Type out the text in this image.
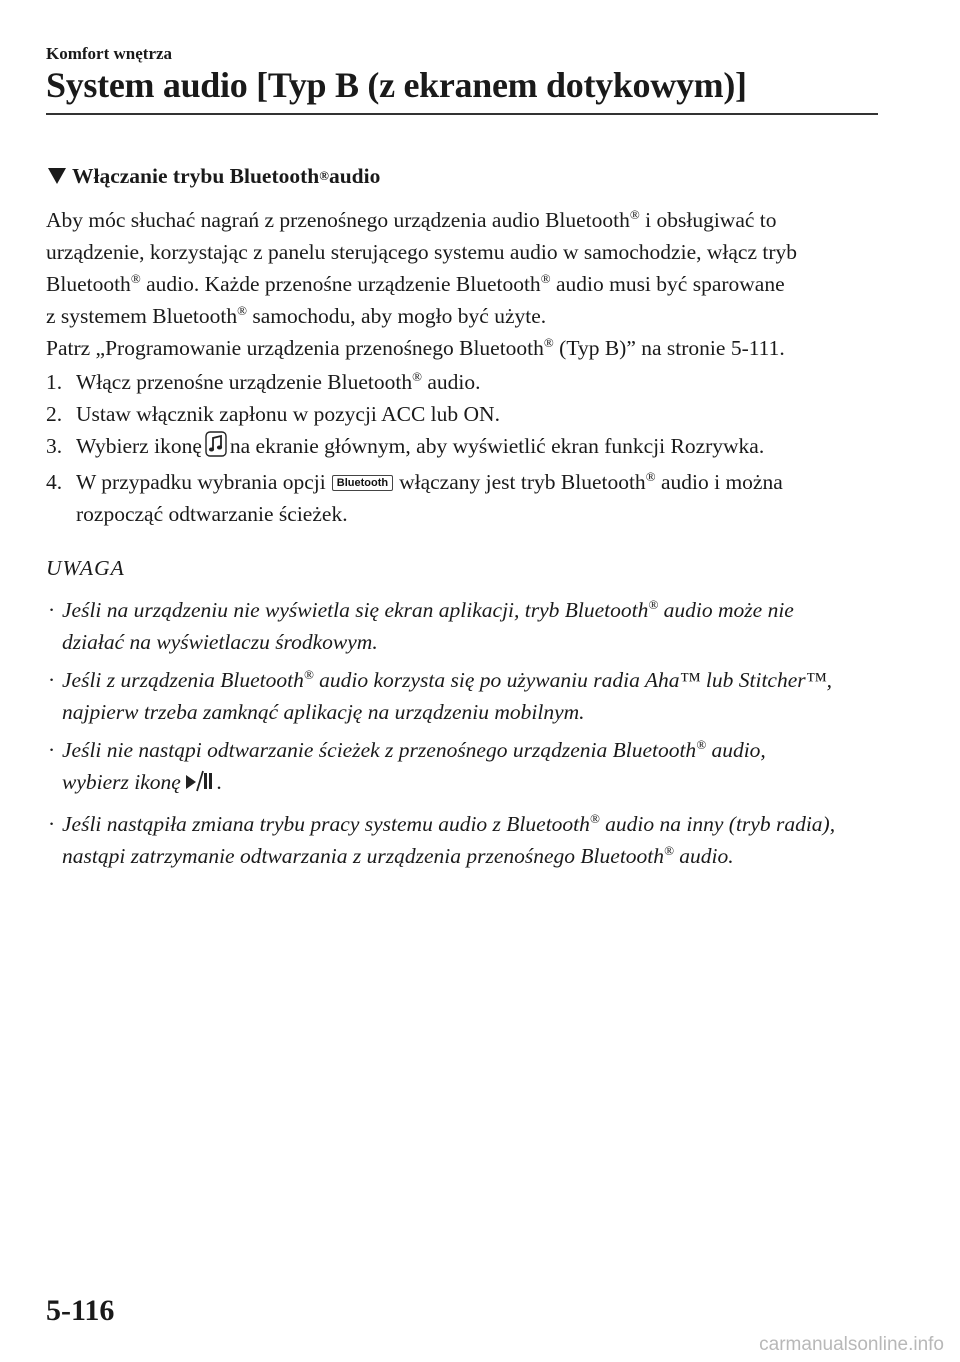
Komfort wnętrza
System audio [Typ B (z ekranem dotykowym)]
Włączanie trybu Bluetooth ® audio

Aby móc słuchać nagrań z przenośnego urządzenia audio Bluetooth® i obsługiwać to
urządzenie, korzystając z panelu sterującego systemu audio w samochodzie, włącz tryb
Bluetooth® audio. Każde przenośne urządzenie Bluetooth® audio musi być sparowane
z systemem Bluetooth® samochodu, aby mogło być użyte.
Patrz „Programowanie urządzenia przenośnego Bluetooth® (Typ B)” na stronie 5-111.

1. Włącz przenośne urządzenie Bluetooth® audio.
2. Ustaw włącznik zapłonu w pozycji ACC lub ON.
3. Wybierz ikonę na ekranie głównym, aby wyświetlić ekran funkcji Rozrywka.
4. W przypadku wybrania opcji Bluetooth włączany jest tryb Bluetooth® audio i można
rozpocząć odtwarzanie ścieżek.
UWAGA
· Jeśli na urządzeniu nie wyświetla się ekran aplikacji, tryb Bluetooth® audio może nie
działać na wyświetlaczu środkowym.
· Jeśli z urządzenia Bluetooth® audio korzysta się po używaniu radia Aha™ lub Stitcher™,
najpierw trzeba zamknąć aplikację na urządzeniu mobilnym.
· Jeśli nie nastąpi odtwarzanie ścieżek z przenośnego urządzenia Bluetooth® audio,
wybierz ikonę .
· Jeśli nastąpiła zmiana trybu pracy systemu audio z Bluetooth® audio na inny (tryb radia),
nastąpi zatrzymanie odtwarzania z urządzenia przenośnego Bluetooth® audio.
5-116
carmanualsonline.info
